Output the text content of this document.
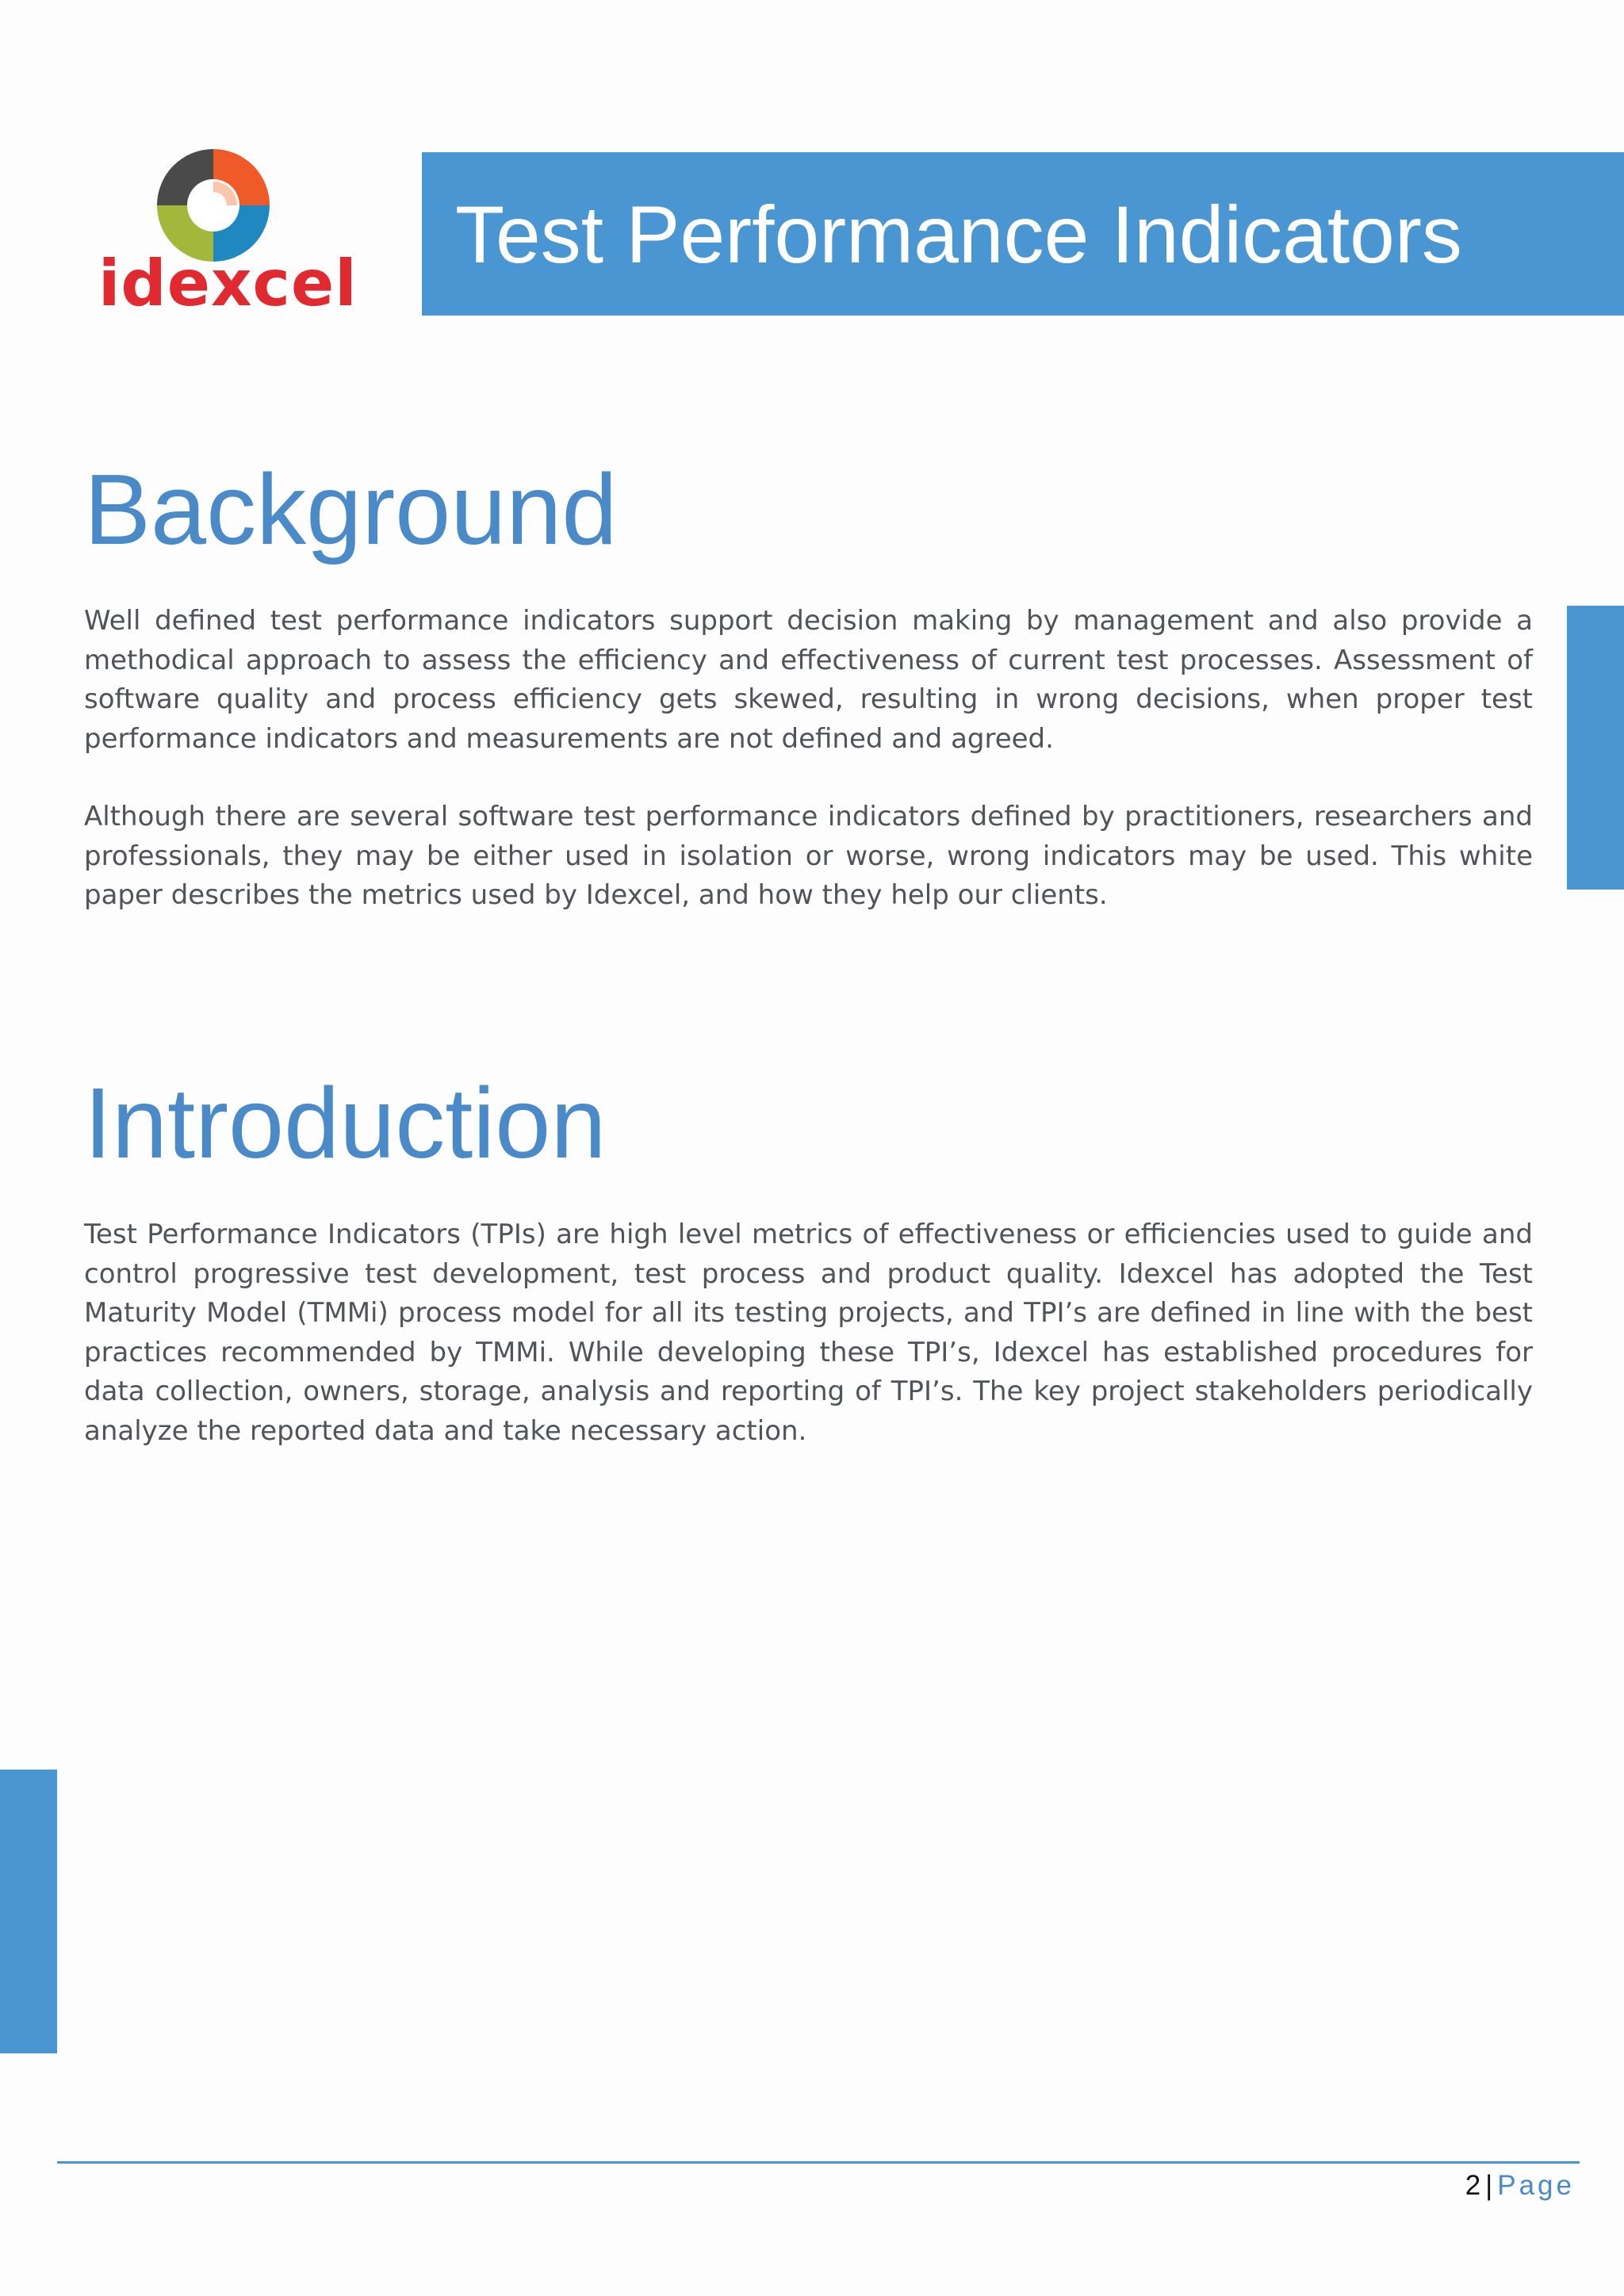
idexcel
Test Performance Indicators
Background

Well defined test performance indicators support decision making by management and also provide a methodical approach to assess the efficiency and effectiveness of current test processes. Assessment of software quality and process efficiency gets skewed, resulting in wrong decisions, when proper test performance indicators and measurements are not defined and agreed.

Although there are several software test performance indicators defined by practitioners, researchers and professionals, they may be either used in isolation or worse, wrong indicators may be used. This white paper describes the metrics used by Idexcel, and how they help our clients.

Introduction

Test Performance Indicators (TPIs) are high level metrics of effectiveness or efficiencies used to guide and control progressive test development, test process and product quality. Idexcel has adopted the Test Maturity Model (TMMi) process model for all its testing projects, and TPI’s are defined in line with the best practices recommended by TMMi. While developing these TPI’s, Idexcel has established procedures for data collection, owners, storage, analysis and reporting of TPI’s. The key project stakeholders periodically analyze the reported data and take necessary action.

2 | Page
